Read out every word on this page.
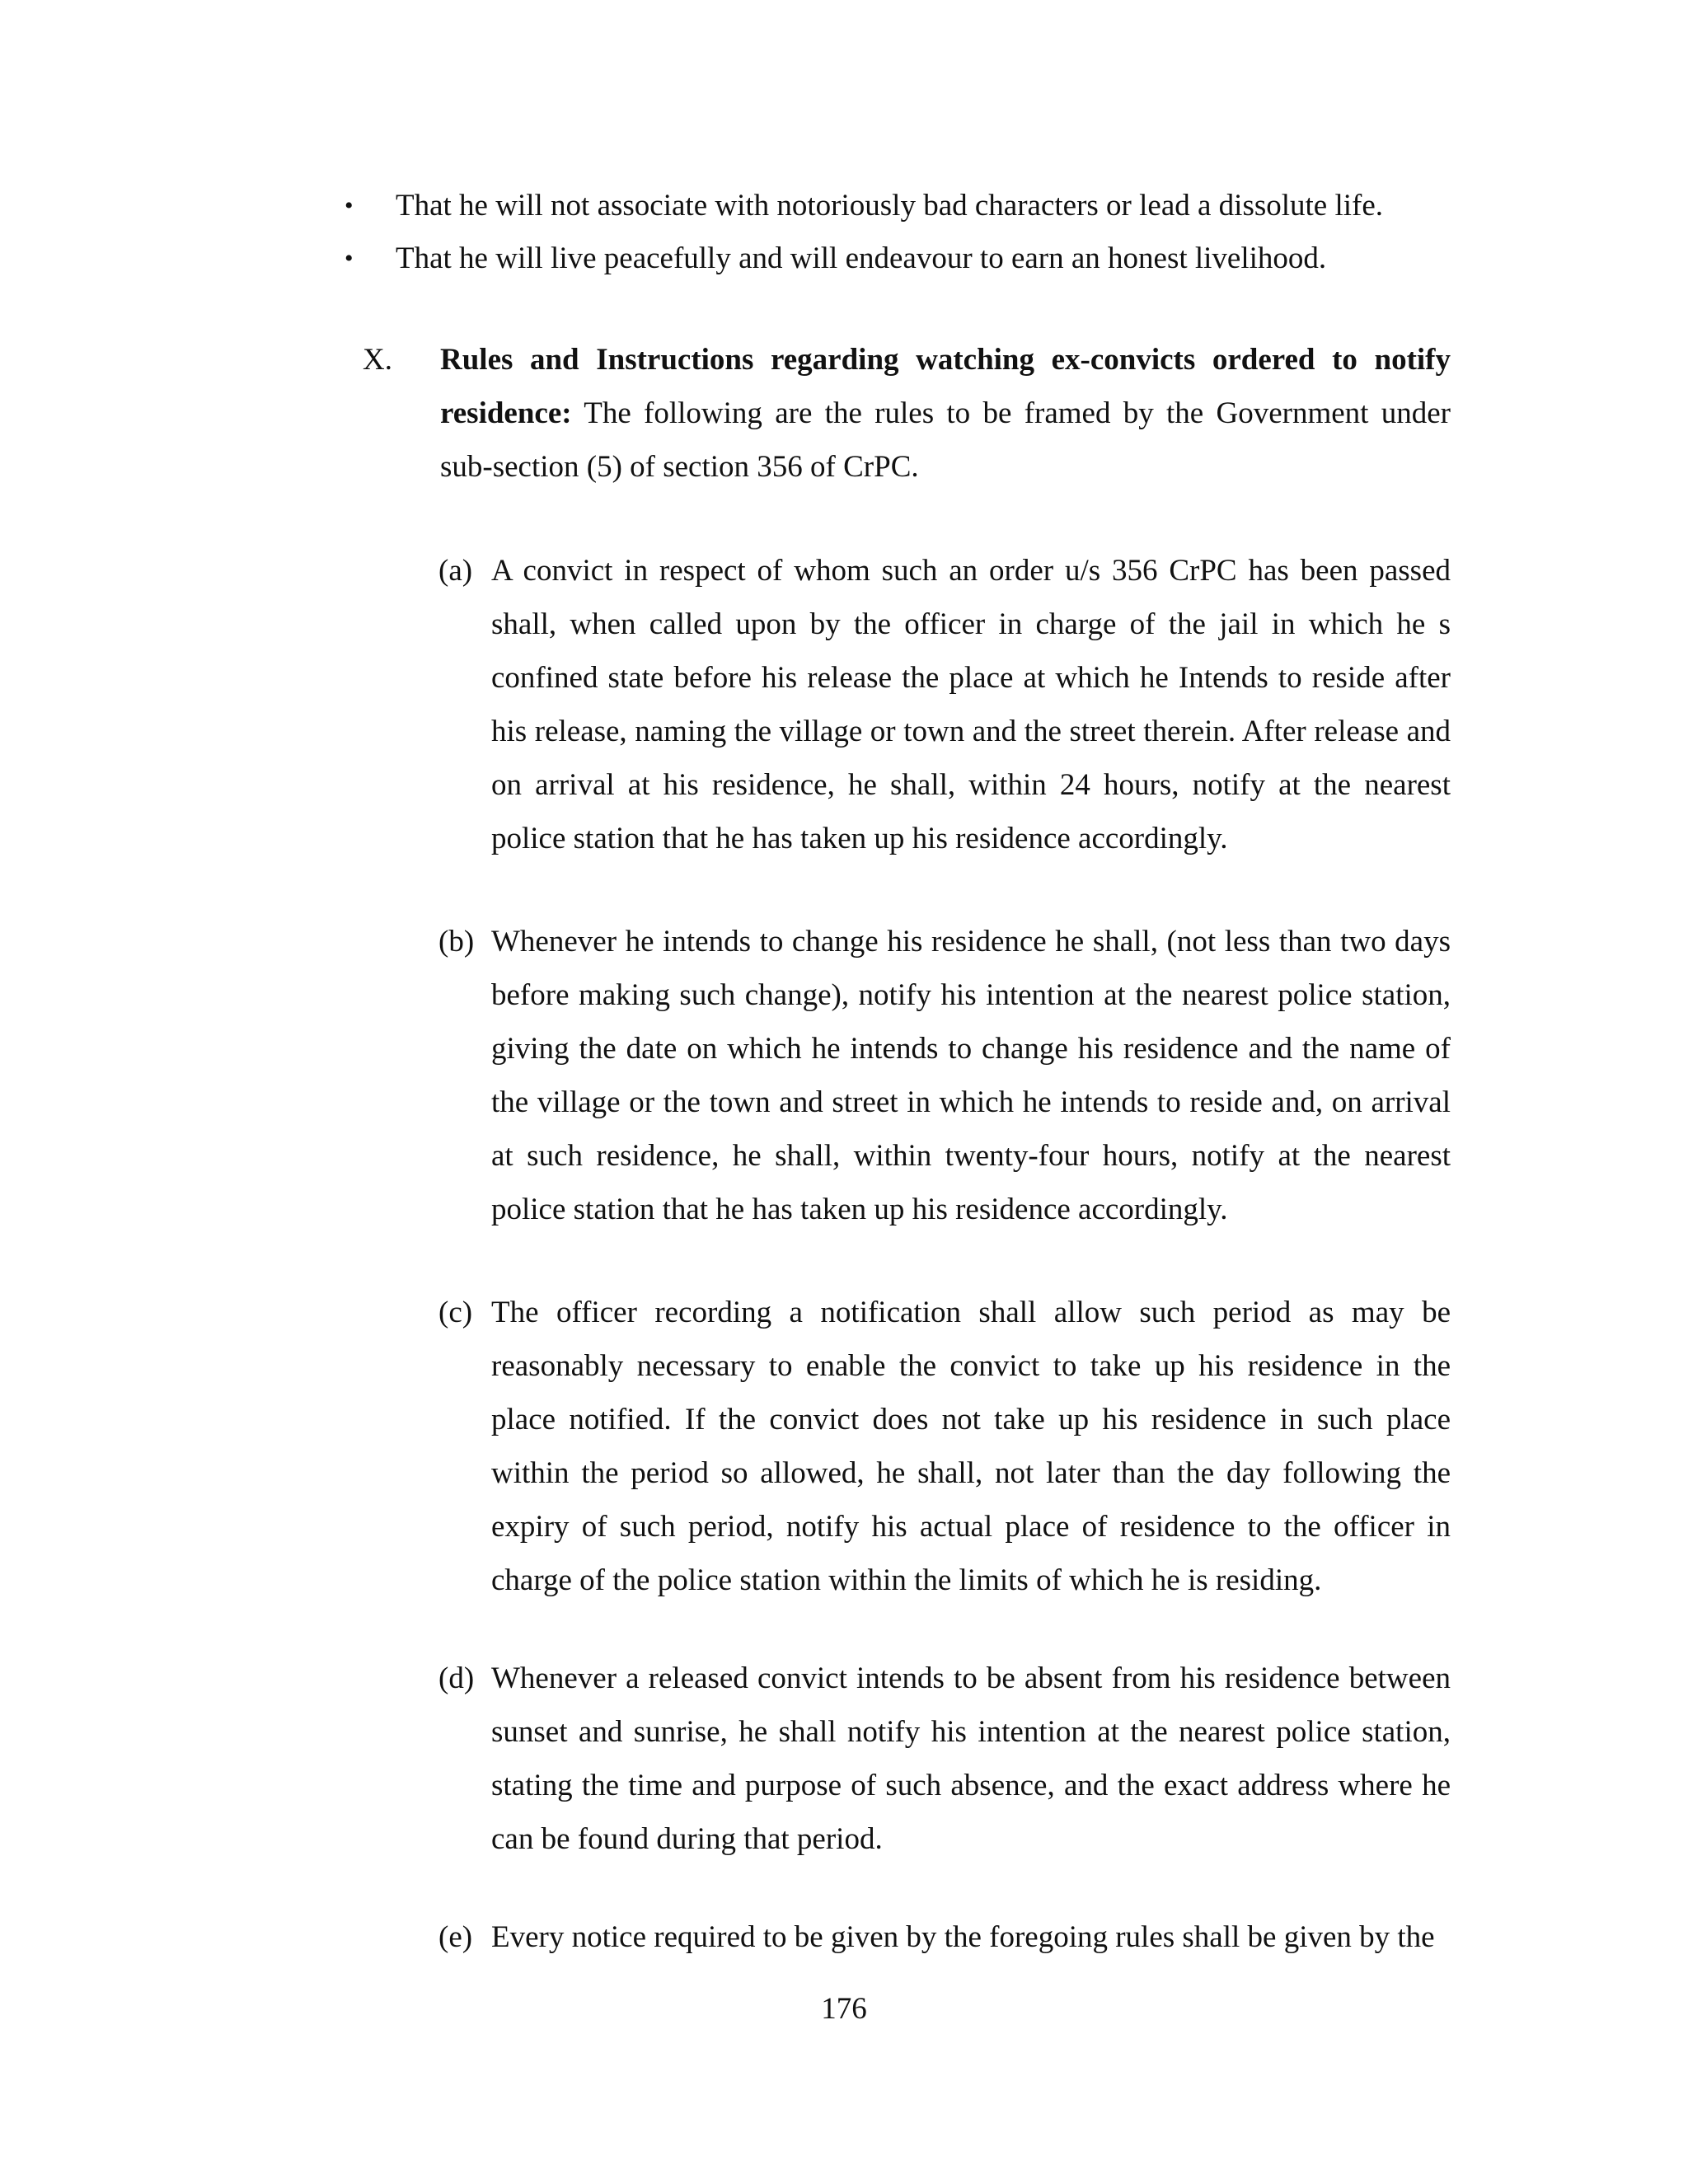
•	That he will not associate with notoriously bad characters or lead a dissolute life.
•	That he will live peacefully and will endeavour to earn an honest livelihood.
X. Rules and Instructions regarding watching ex-convicts ordered to notify residence: The following are the rules to be framed by the Government under sub-section (5) of section 356 of CrPC.
(a) A convict in respect of whom such an order u/s 356 CrPC has been passed shall, when called upon by the officer in charge of the jail in which he s confined state before his release the place at which he Intends to reside after his release, naming the village or town and the street therein. After release and on arrival at his residence, he shall, within 24 hours, notify at the nearest police station that he has taken up his residence accordingly.
(b) Whenever he intends to change his residence he shall, (not less than two days before making such change), notify his intention at the nearest police station, giving the date on which he intends to change his residence and the name of the village or the town and street in which he intends to reside and, on arrival at such residence, he shall, within twenty-four hours, notify at the nearest police station that he has taken up his residence accordingly.
(c) The officer recording a notification shall allow such period as may be reasonably necessary to enable the convict to take up his residence in the place notified. If the convict does not take up his residence in such place within the period so allowed, he shall, not later than the day following the expiry of such period, notify his actual place of residence to the officer in charge of the police station within the limits of which he is residing.
(d) Whenever a released convict intends to be absent from his residence between sunset and sunrise, he shall notify his intention at the nearest police station, stating the time and purpose of such absence, and the exact address where he can be found during that period.
(e) Every notice required to be given by the foregoing rules shall be given by the
176
